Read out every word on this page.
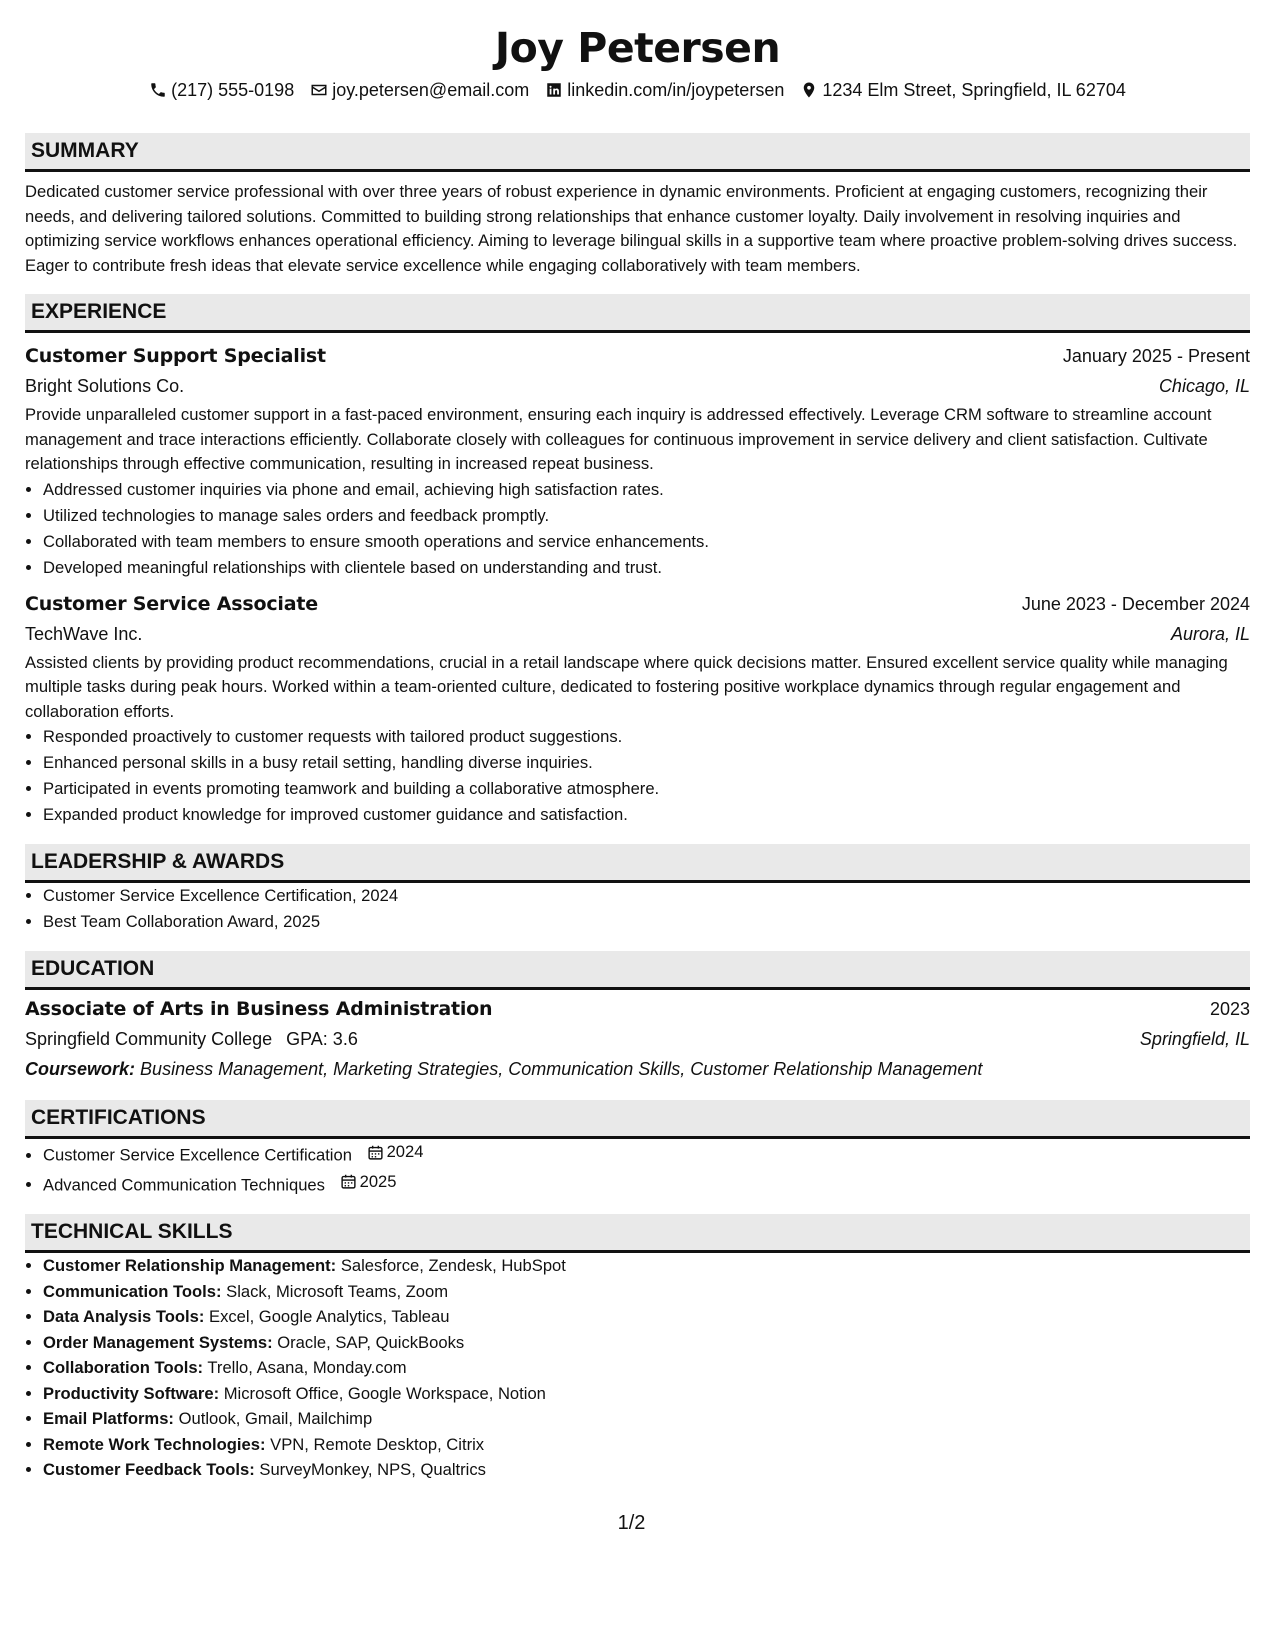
Joy Petersen
(217) 555-0198 joy.petersen@email.com linkedin.com/in/joypetersen 1234 Elm Street, Springfield, IL 62704
SUMMARY

Dedicated customer service professional with over three years of robust experience in dynamic environments. Proficient at engaging customers, recognizing their needs, and delivering tailored solutions. Committed to building strong relationships that enhance customer loyalty. Daily involvement in resolving inquiries and optimizing service workflows enhances operational efficiency. Aiming to leverage bilingual skills in a supportive team where proactive problem-solving drives success. Eager to contribute fresh ideas that elevate service excellence while engaging collaboratively with team members.

EXPERIENCE
Customer Support Specialist	January 2025 - Present
Bright Solutions Co.	Chicago, IL

Provide unparalleled customer support in a fast-paced environment, ensuring each inquiry is addressed effectively. Leverage CRM software to streamline account management and trace interactions efficiently. Collaborate closely with colleagues for continuous improvement in service delivery and client satisfaction. Cultivate relationships through effective communication, resulting in increased repeat business.

• Addressed customer inquiries via phone and email, achieving high satisfaction rates.
• Utilized technologies to manage sales orders and feedback promptly.
• Collaborated with team members to ensure smooth operations and service enhancements.
• Developed meaningful relationships with clientele based on understanding and trust.
Customer Service Associate	June 2023 - December 2024
TechWave Inc.	Aurora, IL

Assisted clients by providing product recommendations, crucial in a retail landscape where quick decisions matter. Ensured excellent service quality while managing multiple tasks during peak hours. Worked within a team-oriented culture, dedicated to fostering positive workplace dynamics through regular engagement and collaboration efforts.

• Responded proactively to customer requests with tailored product suggestions.
• Enhanced personal skills in a busy retail setting, handling diverse inquiries.
• Participated in events promoting teamwork and building a collaborative atmosphere.
• Expanded product knowledge for improved customer guidance and satisfaction.
LEADERSHIP & AWARDS
• Customer Service Excellence Certification, 2024
• Best Team Collaboration Award, 2025
EDUCATION
Associate of Arts in Business Administration	2023
Springfield Community College GPA: 3.6	Springfield, IL
Coursework: Business Management, Marketing Strategies, Communication Skills, Customer Relationship Management
CERTIFICATIONS
• Customer Service Excellence Certification 2024
• Advanced Communication Techniques 2025
TECHNICAL SKILLS
• Customer Relationship Management: Salesforce, Zendesk, HubSpot
• Communication Tools: Slack, Microsoft Teams, Zoom
• Data Analysis Tools: Excel, Google Analytics, Tableau
• Order Management Systems: Oracle, SAP, QuickBooks
• Collaboration Tools: Trello, Asana, Monday.com
• Productivity Software: Microsoft Office, Google Workspace, Notion
• Email Platforms: Outlook, Gmail, Mailchimp
• Remote Work Technologies: VPN, Remote Desktop, Citrix
• Customer Feedback Tools: SurveyMonkey, NPS, Qualtrics
1/2
